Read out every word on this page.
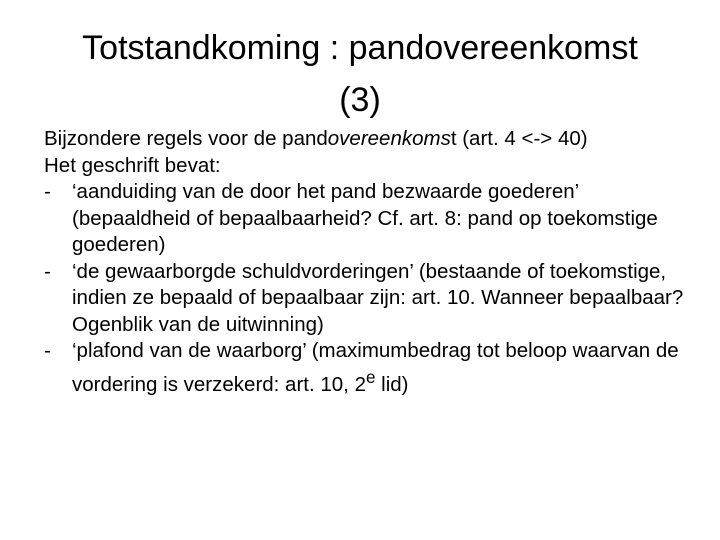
Totstandkoming : pandovereenkomst
(3)

Bijzondere regels voor de pandovereenkomst (art. 4 <-> 40)

Het geschrift bevat:

- ‘aanduiding van de door het pand bezwaarde goederen’ (bepaaldheid of bepaalbaarheid? Cf. art. 8: pand op toekomstige goederen)
- ‘de gewaarborgde schuldvorderingen’ (bestaande of toekomstige, indien ze bepaald of bepaalbaar zijn: art. 10. Wanneer bepaalbaar? Ogenblik van de uitwinning)
- ‘plafond van de waarborg’ (maximumbedrag tot beloop waarvan de vordering is verzekerd: art. 10, 2e lid)
